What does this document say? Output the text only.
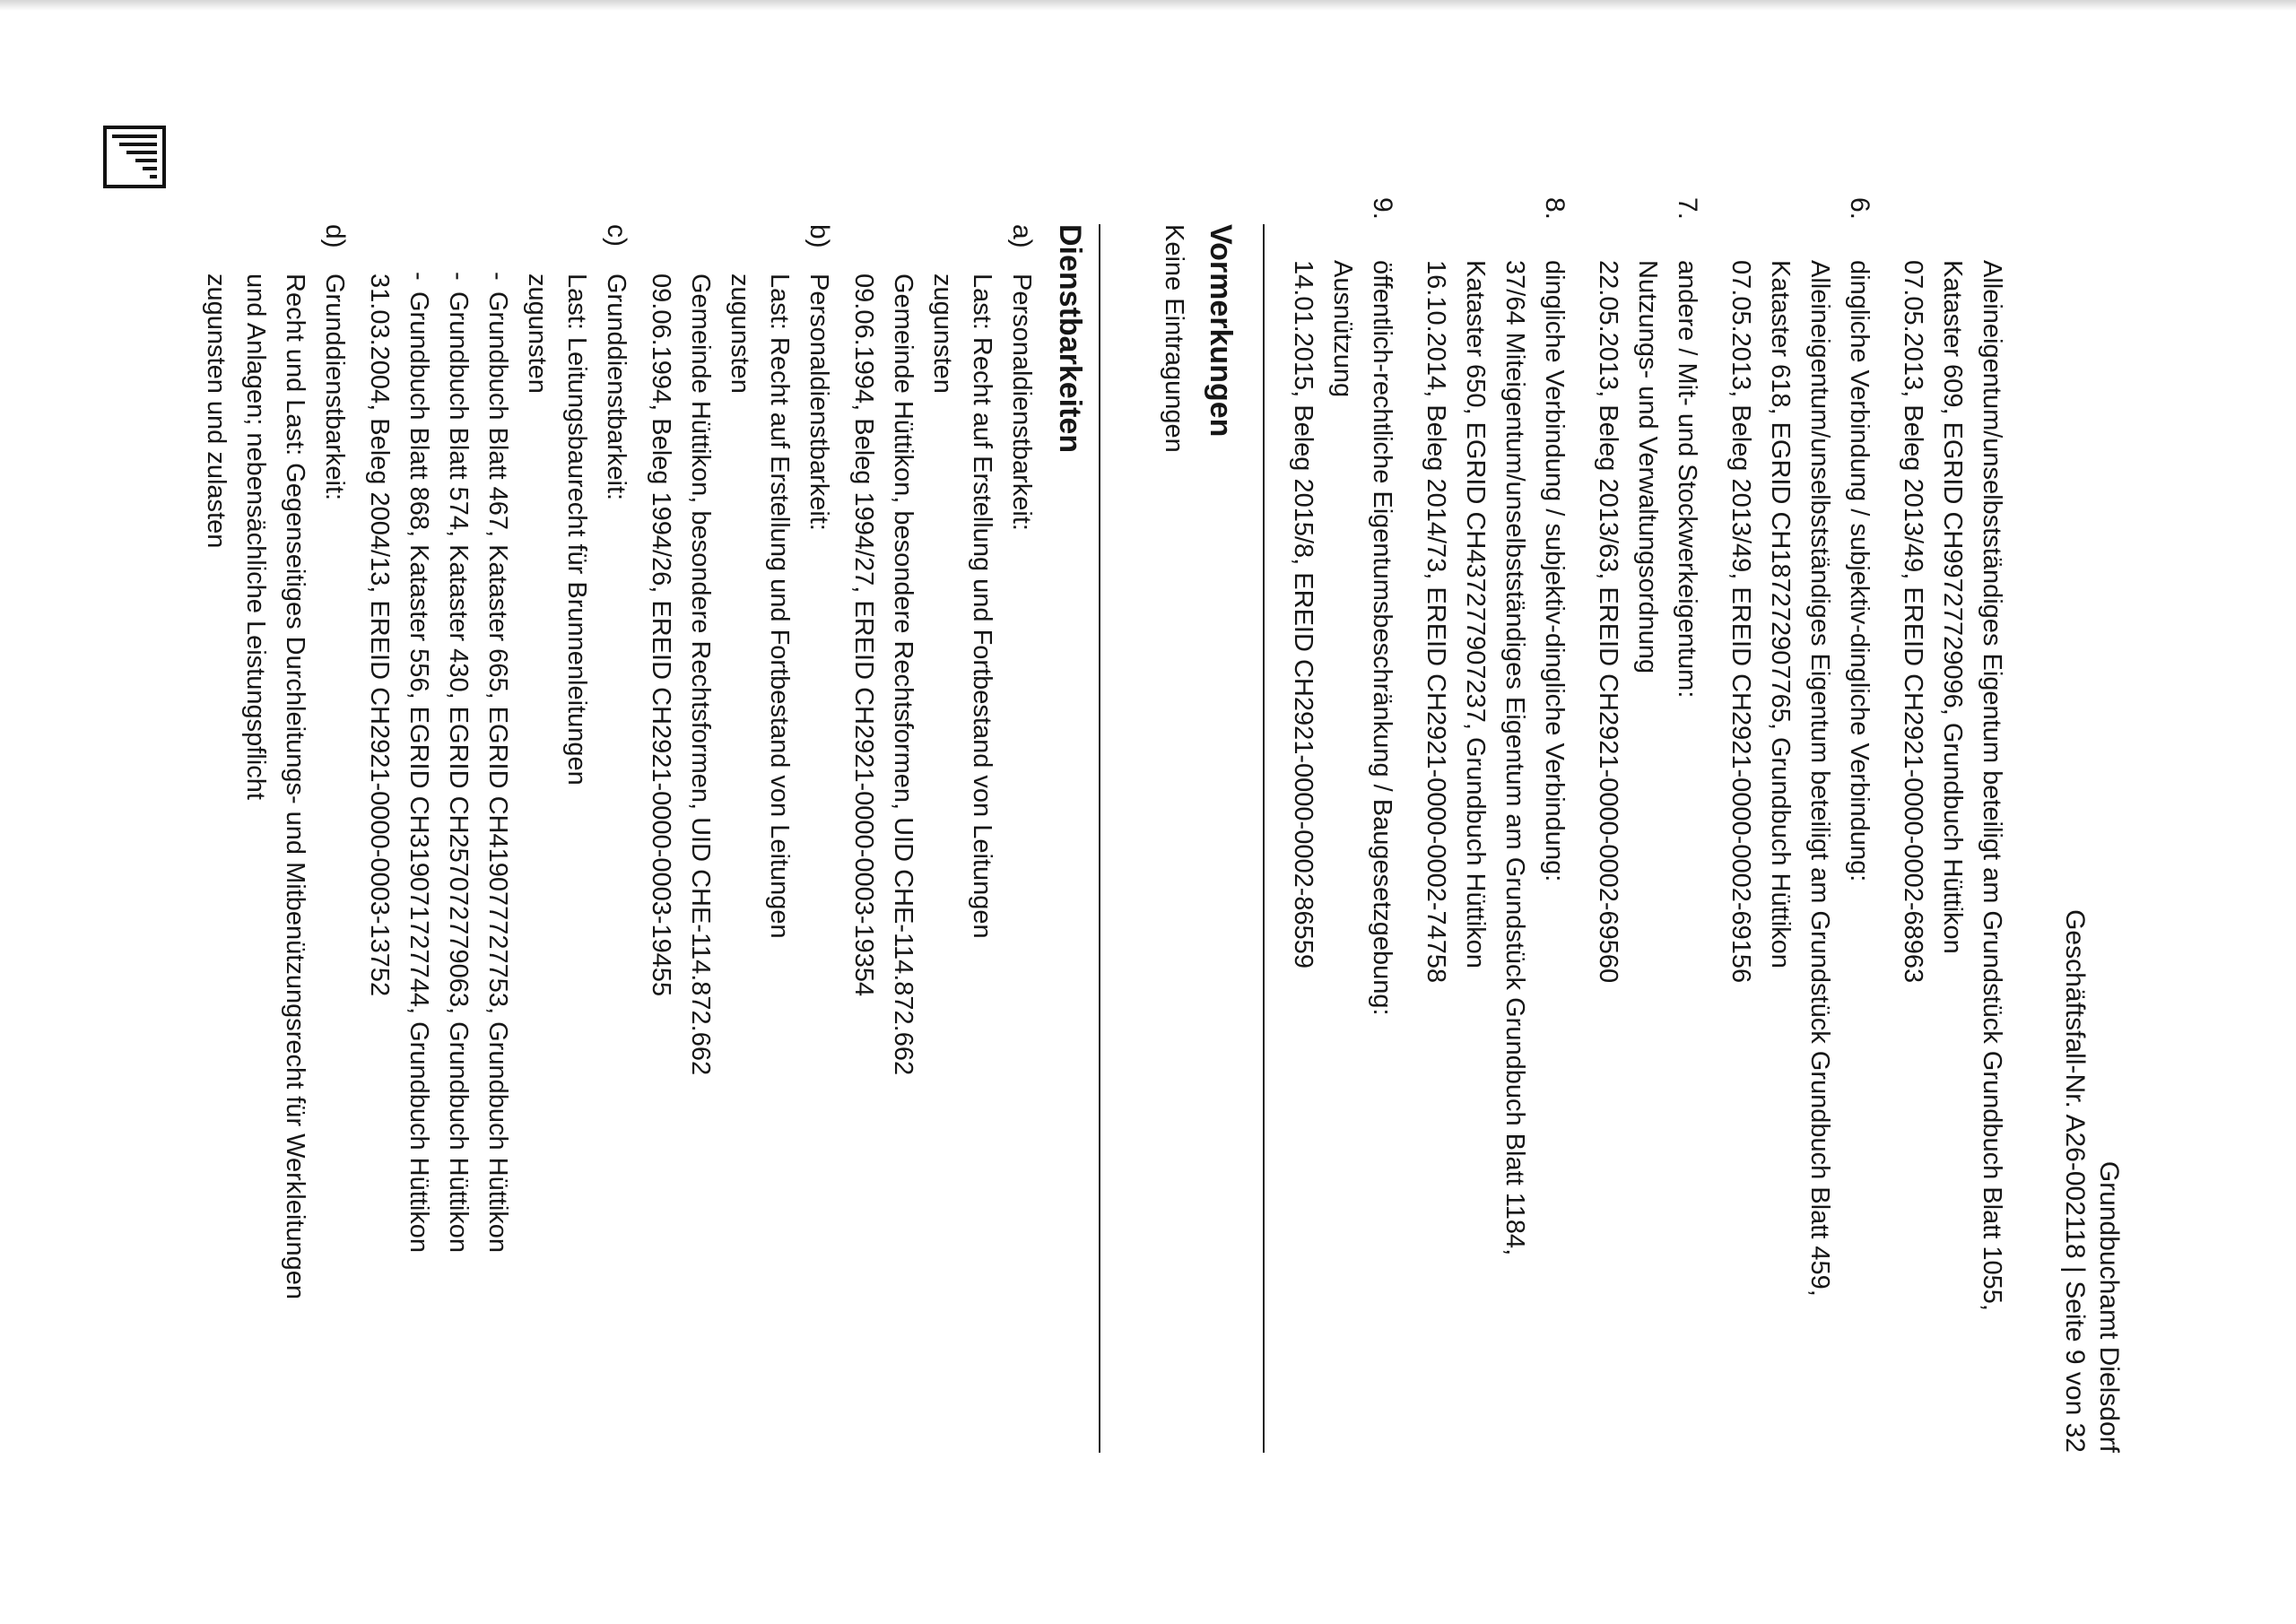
Grundbuchamt Dielsdorf
Geschäftsfall-Nr. A26-002118 | Seite 9 von 32

Alleineigentum/unselbstständiges Eigentum beteiligt am Grundstück Grundbuch Blatt 1055,

Kataster 609, EGRID CH99727729096, Grundbuch Hüttikon

07.05.2013, Beleg 2013/49, EREID CH2921-0000-0002-68963

6.

dingliche Verbindung / subjektiv-dingliche Verbindung:

Alleineigentum/unselbstständiges Eigentum beteiligt am Grundstück Grundbuch Blatt 459,

Kataster 618, EGRID CH187272907765, Grundbuch Hüttikon

07.05.2013, Beleg 2013/49, EREID CH2921-0000-0002-69156

7.

andere / Mit- und Stockwerkeigentum:

Nutzungs- und Verwaltungsordnung

22.05.2013, Beleg 2013/63, EREID CH2921-0000-0002-69560

8.

dingliche Verbindung / subjektiv-dingliche Verbindung:

37/64 Miteigentum/unselbstständiges Eigentum am Grundstück Grundbuch Blatt 1184,

Kataster 650, EGRID CH437277907237, Grundbuch Hüttikon

16.10.2014, Beleg 2014/73, EREID CH2921-0000-0002-74758

9.

öffentlich-rechtliche Eigentumsbeschränkung / Baugesetzgebung:

Ausnützung

14.01.2015, Beleg 2015/8, EREID CH2921-0000-0002-86559

Vormerkungen
Keine Eintragungen
Dienstbarkeiten
a)

Personaldienstbarkeit:

Last: Recht auf Erstellung und Fortbestand von Leitungen

zugunsten

Gemeinde Hüttikon, besondere Rechtsformen, UID CHE-114.872.662

09.06.1994, Beleg 1994/27, EREID CH2921-0000-0003-19354

b)

Personaldienstbarkeit:

Last: Recht auf Erstellung und Fortbestand von Leitungen

zugunsten

Gemeinde Hüttikon, besondere Rechtsformen, UID CHE-114.872.662

09.06.1994, Beleg 1994/26, EREID CH2921-0000-0003-19455

c)

Grunddienstbarkeit:

Last: Leitungsbaurecht für Brunnenleitungen

zugunsten

-
Grundbuch Blatt 467, Kataster 665, EGRID CH419077727753, Grundbuch Hüttikon

-
Grundbuch Blatt 574, Kataster 430, EGRID CH257072779063, Grundbuch Hüttikon

-
Grundbuch Blatt 868, Kataster 556, EGRID CH319071727744, Grundbuch Hüttikon

31.03.2004, Beleg 2004/13, EREID CH2921-0000-0003-13752

d)

Grunddienstbarkeit:

Recht und Last: Gegenseitiges Durchleitungs- und Mitbenützungsrecht für Werkleitungen

und Anlagen; nebensächliche Leistungspflicht

zugunsten und zulasten
